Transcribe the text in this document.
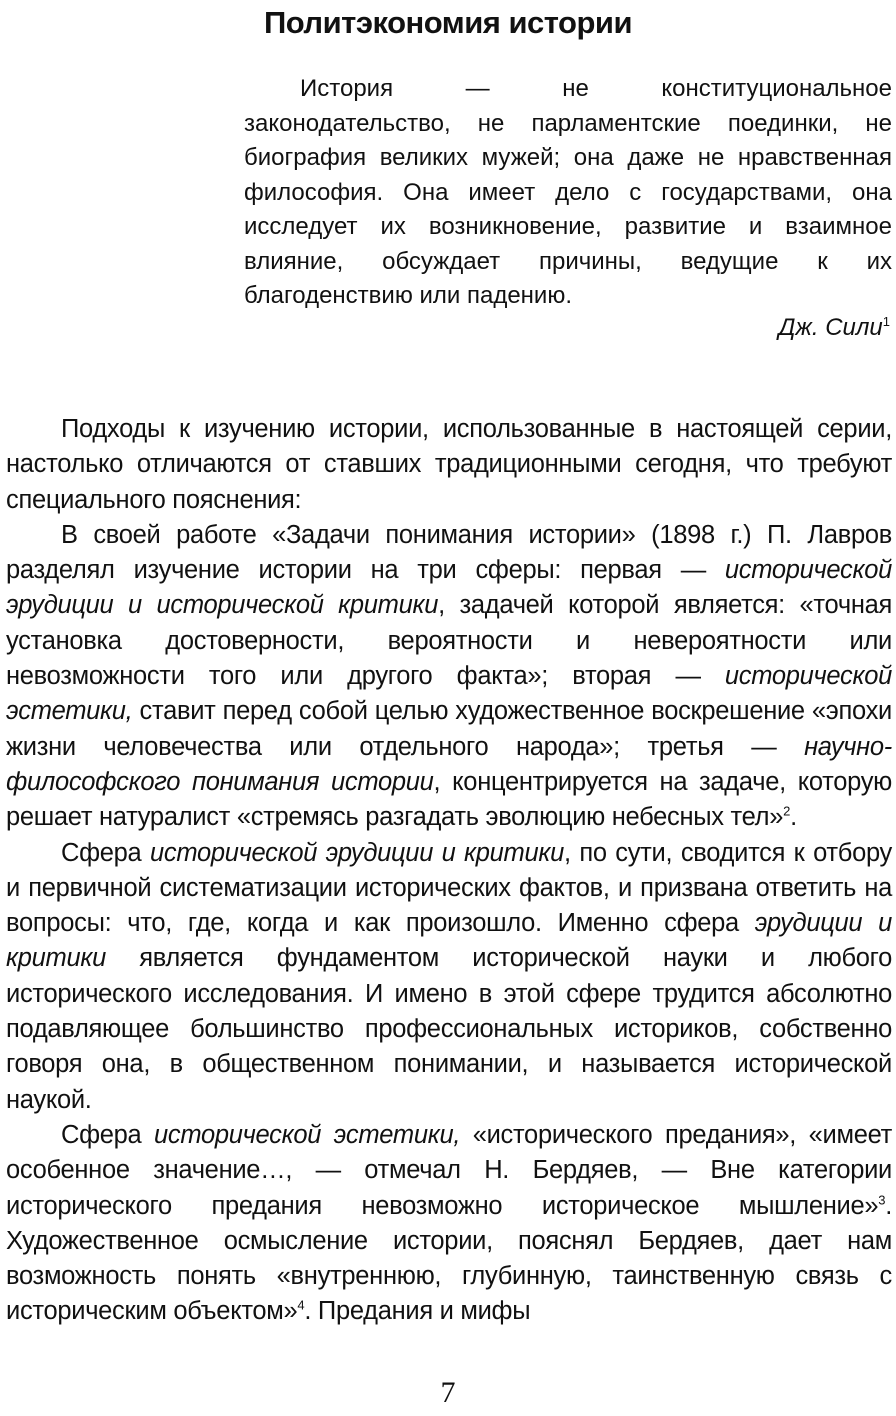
Политэкономия истории

История — не конституциональное законодательство, не парламентские поединки, не биография великих мужей; она даже не нравственная философия. Она имеет дело с государствами, она исследует их возникновение, развитие и взаимное влияние, обсуждает причины, ведущие к их благоденствию или падению.

Дж. Сили$^1$

Подходы к изучению истории, использованные в настоящей серии, настолько отличаются от ставших традиционными сегодня, что требуют специального пояснения:

В своей работе «Задачи понимания истории» (1898 г.) П. Лавров разделял изучение истории на три сферы: первая — исторической эрудиции и исторической критики, задачей которой является: «точная установка достоверности, вероятности и невероятности или невозможности того или другого факта»; вторая — исторической эстетики, ставит перед собой целью художественное воскрешение «эпохи жизни человечества или отдельного народа»; третья — научно-философского понимания истории, концентрируется на задаче, которую решает натуралист «стремясь разгадать эволюцию небесных тел»$^2$.

Сфера исторической эрудиции и критики, по сути, сводится к отбору и первичной систематизации исторических фактов, и призвана ответить на вопросы: что, где, когда и как произошло. Именно сфера эрудиции и критики является фундаментом исторической науки и любого исторического исследования. И имено в этой сфере трудится абсолютно подавляющее большинство профессиональных историков, собственно говоря она, в общественном понимании, и называется исторической наукой.

Сфера исторической эстетики, «исторического предания», «имеет особенное значение…, — отмечал Н. Бердяев, — Вне категории исторического предания невозможно историческое мышление»$^3$. Художественное осмысление истории, пояснял Бердяев, дает нам возможность понять «внутреннюю, глубинную, таинственную связь с историческим объектом»$^4$. Предания и мифы

7
